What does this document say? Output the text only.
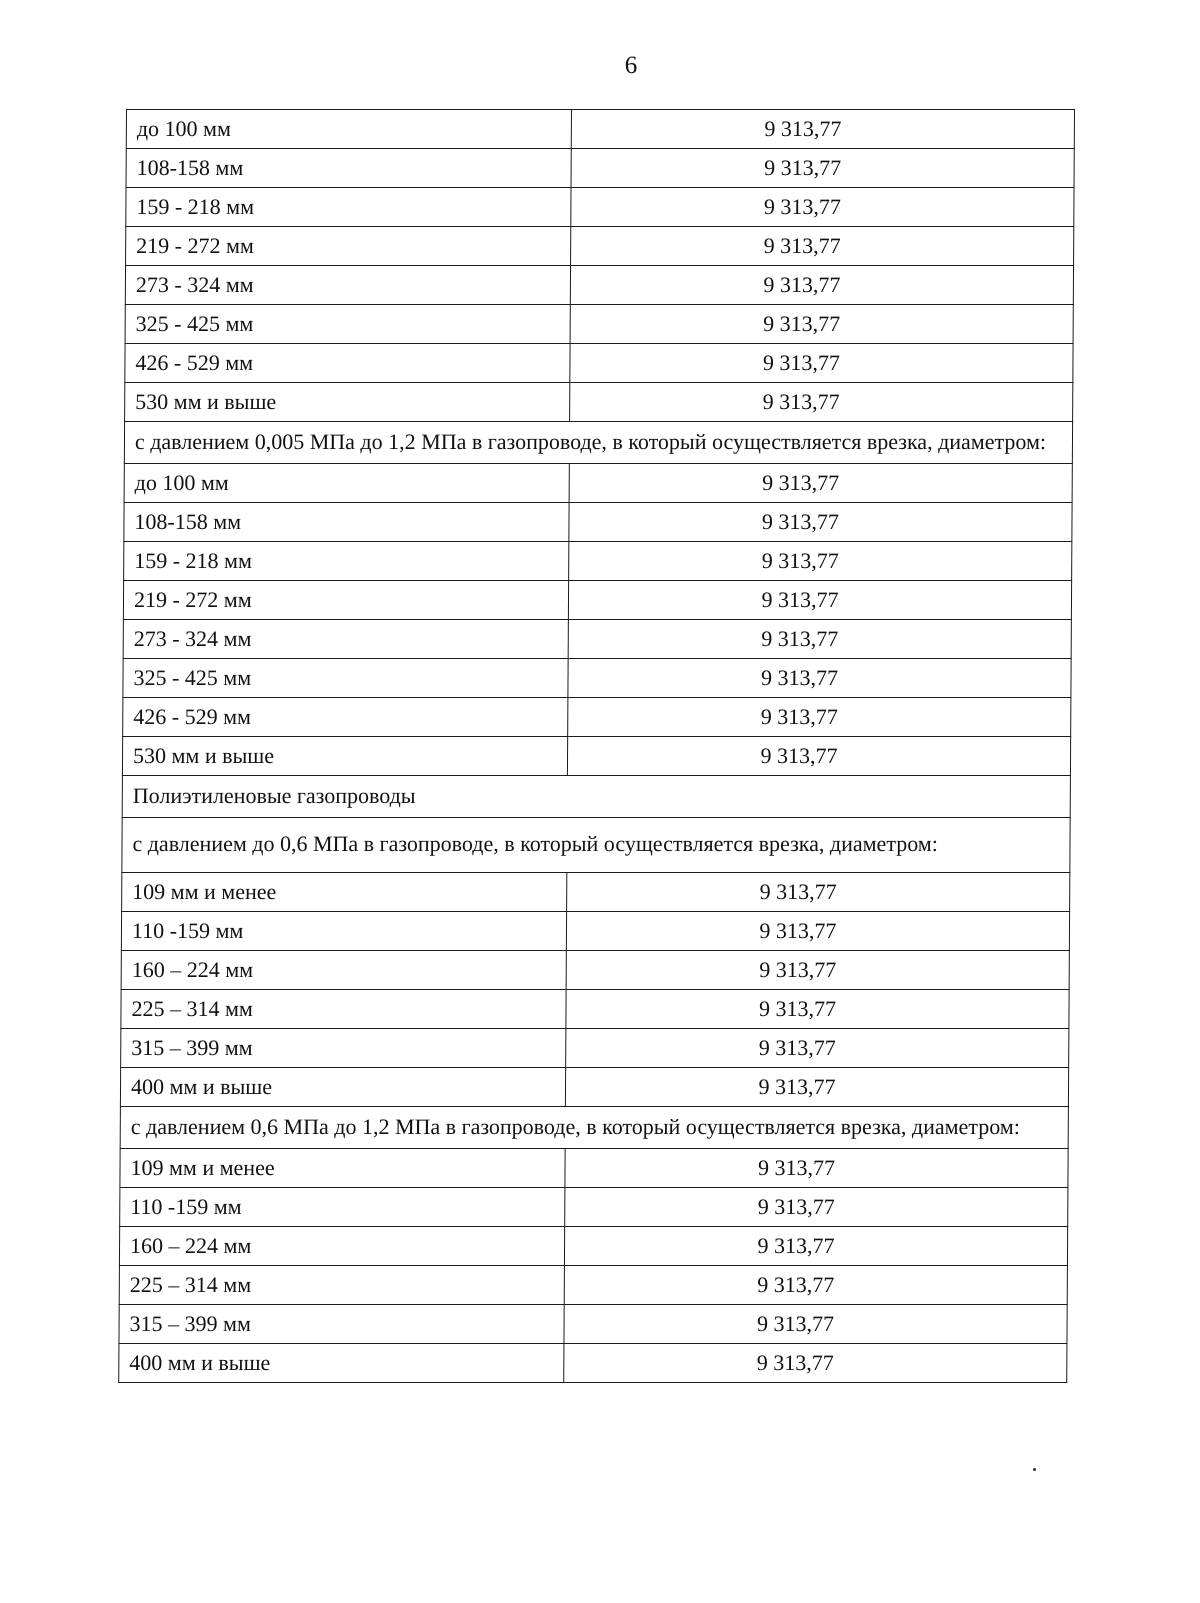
6
до 100 мм	9 313,77
108-158 мм	9 313,77
159 - 218 мм	9 313,77
219 - 272 мм	9 313,77
273 - 324 мм	9 313,77
325 - 425 мм	9 313,77
426 - 529 мм	9 313,77
530 мм и выше	9 313,77
с давлением 0,005 МПа до 1,2 МПа в газопроводе, в который осуществляется врезка, диаметром:	
до 100 мм	9 313,77
108-158 мм	9 313,77
159 - 218 мм	9 313,77
219 - 272 мм	9 313,77
273 - 324 мм	9 313,77
325 - 425 мм	9 313,77
426 - 529 мм	9 313,77
530 мм и выше	9 313,77
Полиэтиленовые газопроводы	
с давлением до 0,6 МПа в газопроводе, в который осуществляется врезка, диаметром:	
109 мм и менее	9 313,77
110 -159 мм	9 313,77
160 – 224 мм	9 313,77
225 – 314 мм	9 313,77
315 – 399 мм	9 313,77
400 мм и выше	9 313,77
с давлением 0,6 МПа до 1,2 МПа в газопроводе, в который осуществляется врезка, диаметром:	
109 мм и менее	9 313,77
110 -159 мм	9 313,77
160 – 224 мм	9 313,77
225 – 314 мм	9 313,77
315 – 399 мм	9 313,77
400 мм и выше	9 313,77
